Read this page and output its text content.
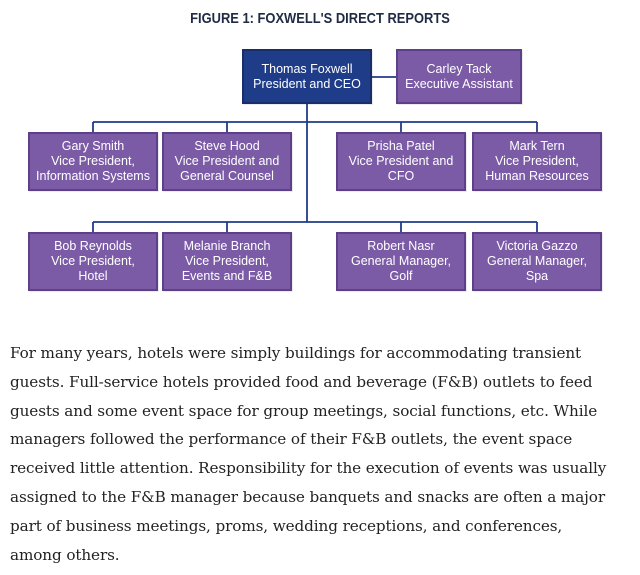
FIGURE 1: FOXWELL'S DIRECT REPORTS
Thomas Foxwell
President and CEO
Carley Tack
Executive Assistant
Gary Smith
Vice President,
Information Systems
Steve Hood
Vice President and
General Counsel
Prisha Patel
Vice President and
CFO
Mark Tern
Vice President,
Human Resources
Bob Reynolds
Vice President,
Hotel
Melanie Branch
Vice President,
Events and F&B
Robert Nasr
General Manager,
Golf
Victoria Gazzo
General Manager,
Spa

For many years, hotels were simply buildings for accommodating transient
guests. Full-service hotels provided food and beverage (F&B) outlets to feed
guests and some event space for group meetings, social functions, etc. While
managers followed the performance of their F&B outlets, the event space
received little attention. Responsibility for the execution of events was usually
assigned to the F&B manager because banquets and snacks are often a major
part of business meetings, proms, wedding receptions, and conferences,
among others.
